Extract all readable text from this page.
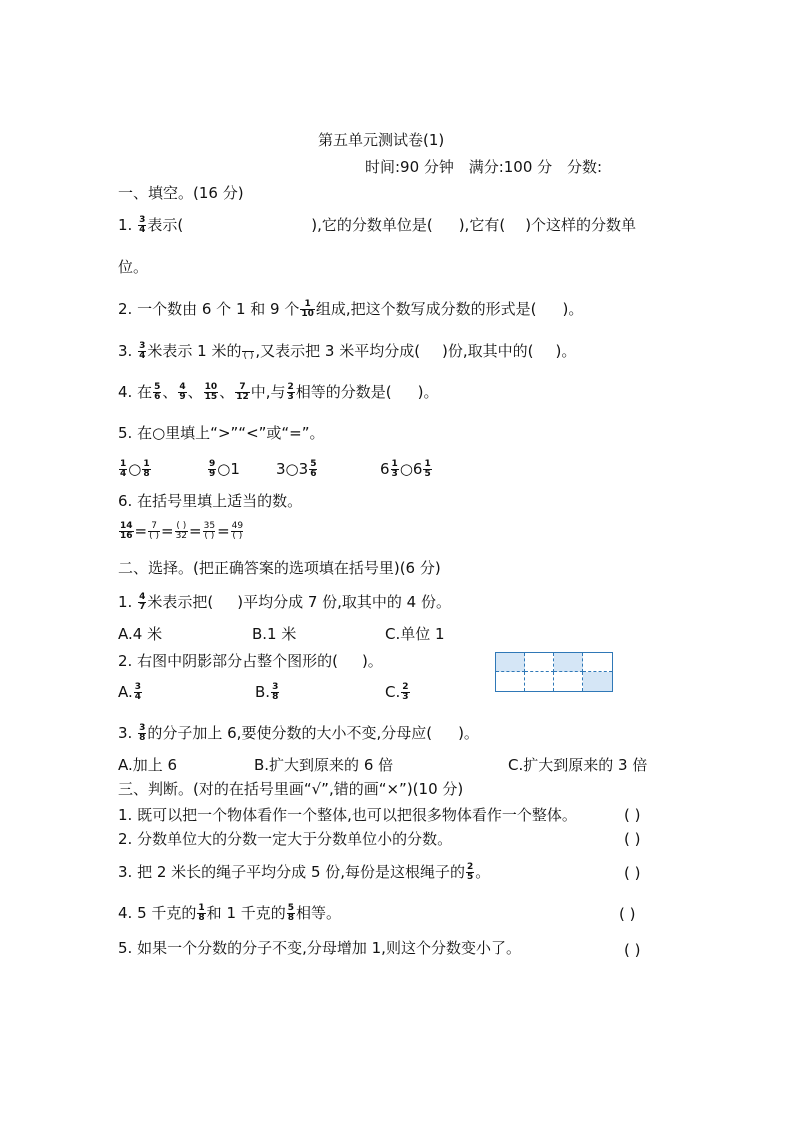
第五单元测试卷(1)
时间:90 分钟 满分:100 分 分数:
一、填空。(16 分)
1. $\frac{3}{4}$ 表示(	),它的分数单位是( ),它有( )个这样的分数单
位。
2. 一个数由 6 个 1 和 9 个 $\frac{1}{10}$ 组成,把这个数写成分数的形式是( )。
3. $\frac{3}{4}$ 米表示 1 米的
( ) ,又表示把 3 米平均分成( )份,取其中的( )。
4. 在 $\frac{5}{6}$ 、 $\frac{4}{9}$ 、 $\frac{10}{15}$ 、 $\frac{7}{12}$ 中,与 $\frac{2}{3}$ 相等的分数是( )。
5. 在○里填上“>”“<”或“=”。
$\frac{1}{4}$ ○ $\frac{1}{8}$	$\frac{9}{9}$ ○1 3○3 $\frac{5}{6}$	$6 \frac{1}{3}$ ○6 $\frac{1}{5}$
6. 在括号里填上适当的数。
$\frac{14}{16} = 7$
( ) = ( )
32 = 35
( ) = 49
( )
二、选择。(把正确答案的选项填在括号里)(6 分)
1. $\frac{4}{7}$ 米表示把( )平均分成 7 份,取其中的 4 份。
A.4 米	B.1 米	C.单位 1
2. 右图中阴影部分占整个图形的( )。
A. $\frac{3}{4}$	B. $\frac{3}{8}$	C. $\frac{2}{3}$
3. $\frac{3}{8}$ 的分子加上 6,要使分数的大小不变,分母应( )。
A.加上 6	B.扩大到原来的 6 倍	C.扩大到原来的 3 倍
三、判断。(对的在括号里画“√”,错的画“×”)(10 分)
1. 既可以把一个物体看作一个整体,也可以把很多物体看作一个整体。	( )
2. 分数单位大的分数一定大于分数单位小的分数。	( )
3. 把 2 米长的绳子平均分成 5 份,每份是这根绳子的 $\frac{2}{5}$ 。	( )
4. 5 千克的 $\frac{1}{8}$ 和 1 千克的 $\frac{5}{8}$ 相等。	( )
5. 如果一个分数的分子不变,分母增加 1,则这个分数变小了。	( )
